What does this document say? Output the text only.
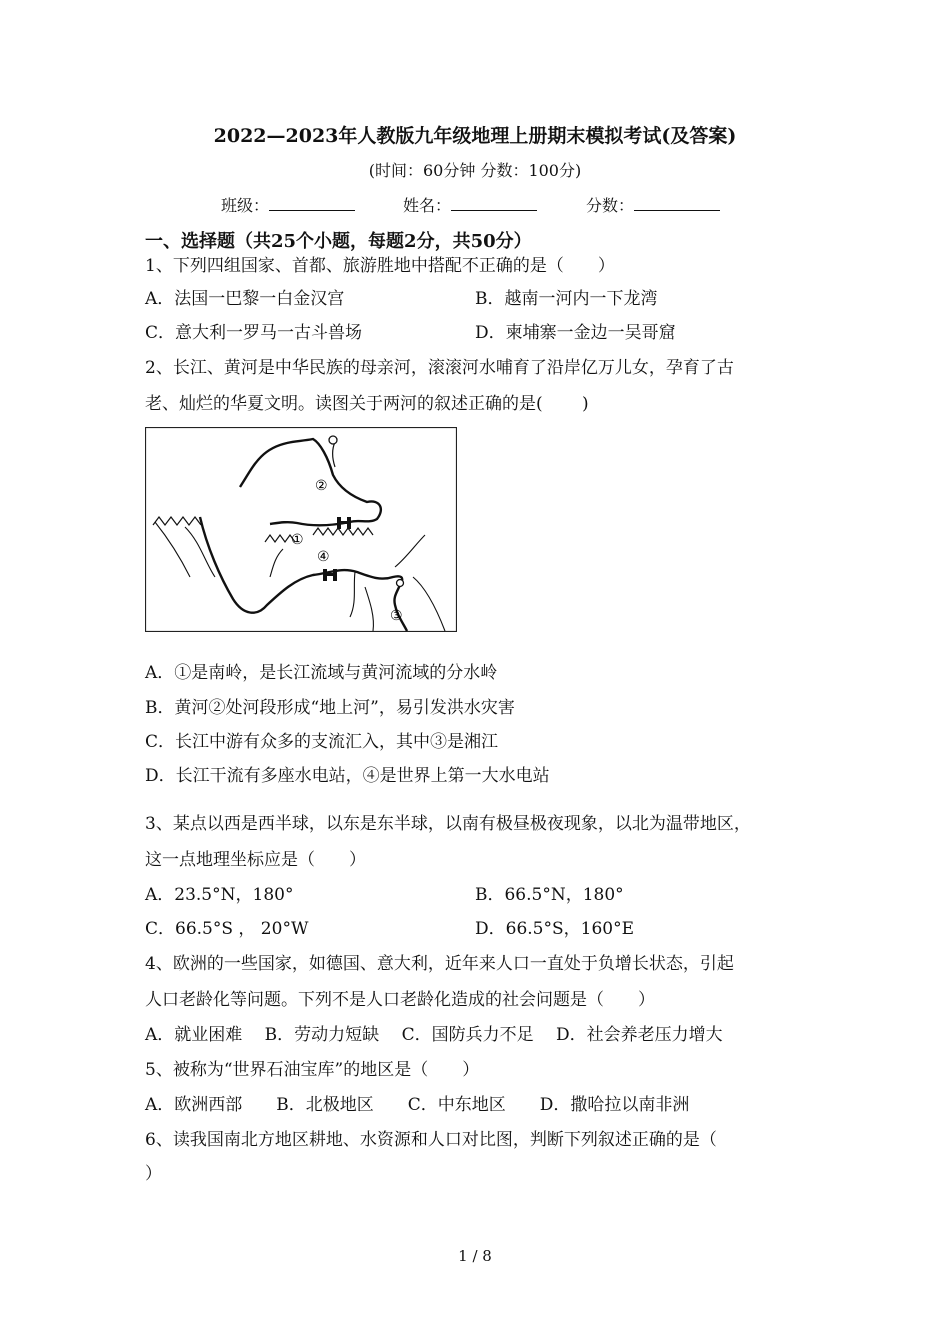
2022—2023年人教版九年级地理上册期末模拟考试(及答案)
(时间：60分钟 分数：100分)
班级：	姓名：	分数：
一、选择题（共25个小题，每题2分，共50分）
1、下列四组国家、首都、旅游胜地中搭配不正确的是（　　）
A．法国一巴黎一白金汉宫	B．越南一河内一下龙湾
C．意大利一罗马一古斗兽场	D．柬埔寨一金边一吴哥窟
2、长江、黄河是中华民族的母亲河，滚滚河水哺育了沿岸亿万儿女，孕育了古
老、灿烂的华夏文明。读图关于两河的叙述正确的是(　　 )
①
②
③
④
A．①是南岭，是长江流域与黄河流域的分水岭
B．黄河②处河段形成“地上河”，易引发洪水灾害
C．长江中游有众多的支流汇入，其中③是湘江
D．长江干流有多座水电站，④是世界上第一大水电站
3、某点以西是西半球，以东是东半球，以南有极昼极夜现象，以北为温带地区，
这一点地理坐标应是（　　）
A．23.5°N，180°	B．66.5°N，180°
C．66.5°S ， 20°W	D．66.5°S，160°E
4、欧洲的一些国家，如德国、意大利，近年来人口一直处于负增长状态，引起
人口老龄化等问题。下列不是人口老龄化造成的社会问题是（　　）
A．就业困难　 B．劳动力短缺　 C．国防兵力不足　 D．社会养老压力增大
5、被称为“世界石油宝库”的地区是（　　）
A．欧洲西部　　B．北极地区　　C．中东地区　　D．撒哈拉以南非洲
6、读我国南北方地区耕地、水资源和人口对比图，判断下列叙述正确的是（
）
1 / 8
